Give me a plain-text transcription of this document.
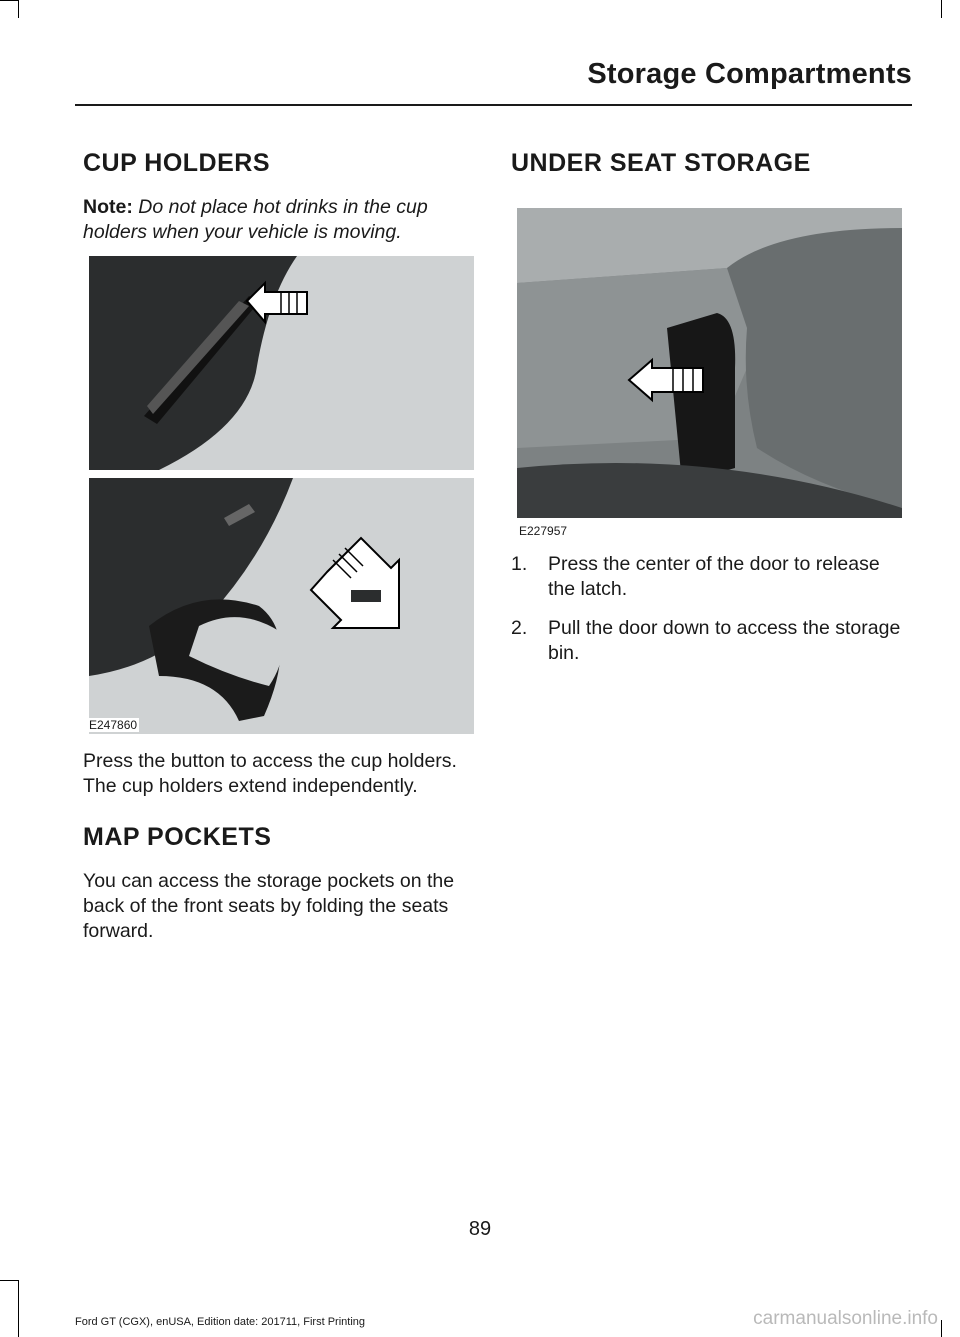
Storage Compartments
CUP HOLDERS

Note: Do not place hot drinks in the cup holders when your vehicle is moving.

E247860

Press the button to access the cup holders.
The cup holders extend independently.

MAP POCKETS

You can access the storage pockets on the back of the front seats by folding the seats forward.

UNDER SEAT STORAGE
E227957
1. Press the center of the door to release the latch.
2. Pull the door down to access the storage bin.

89

Ford GT (CGX), enUSA, Edition date: 201711, First Printing	carmanualsonline.info
